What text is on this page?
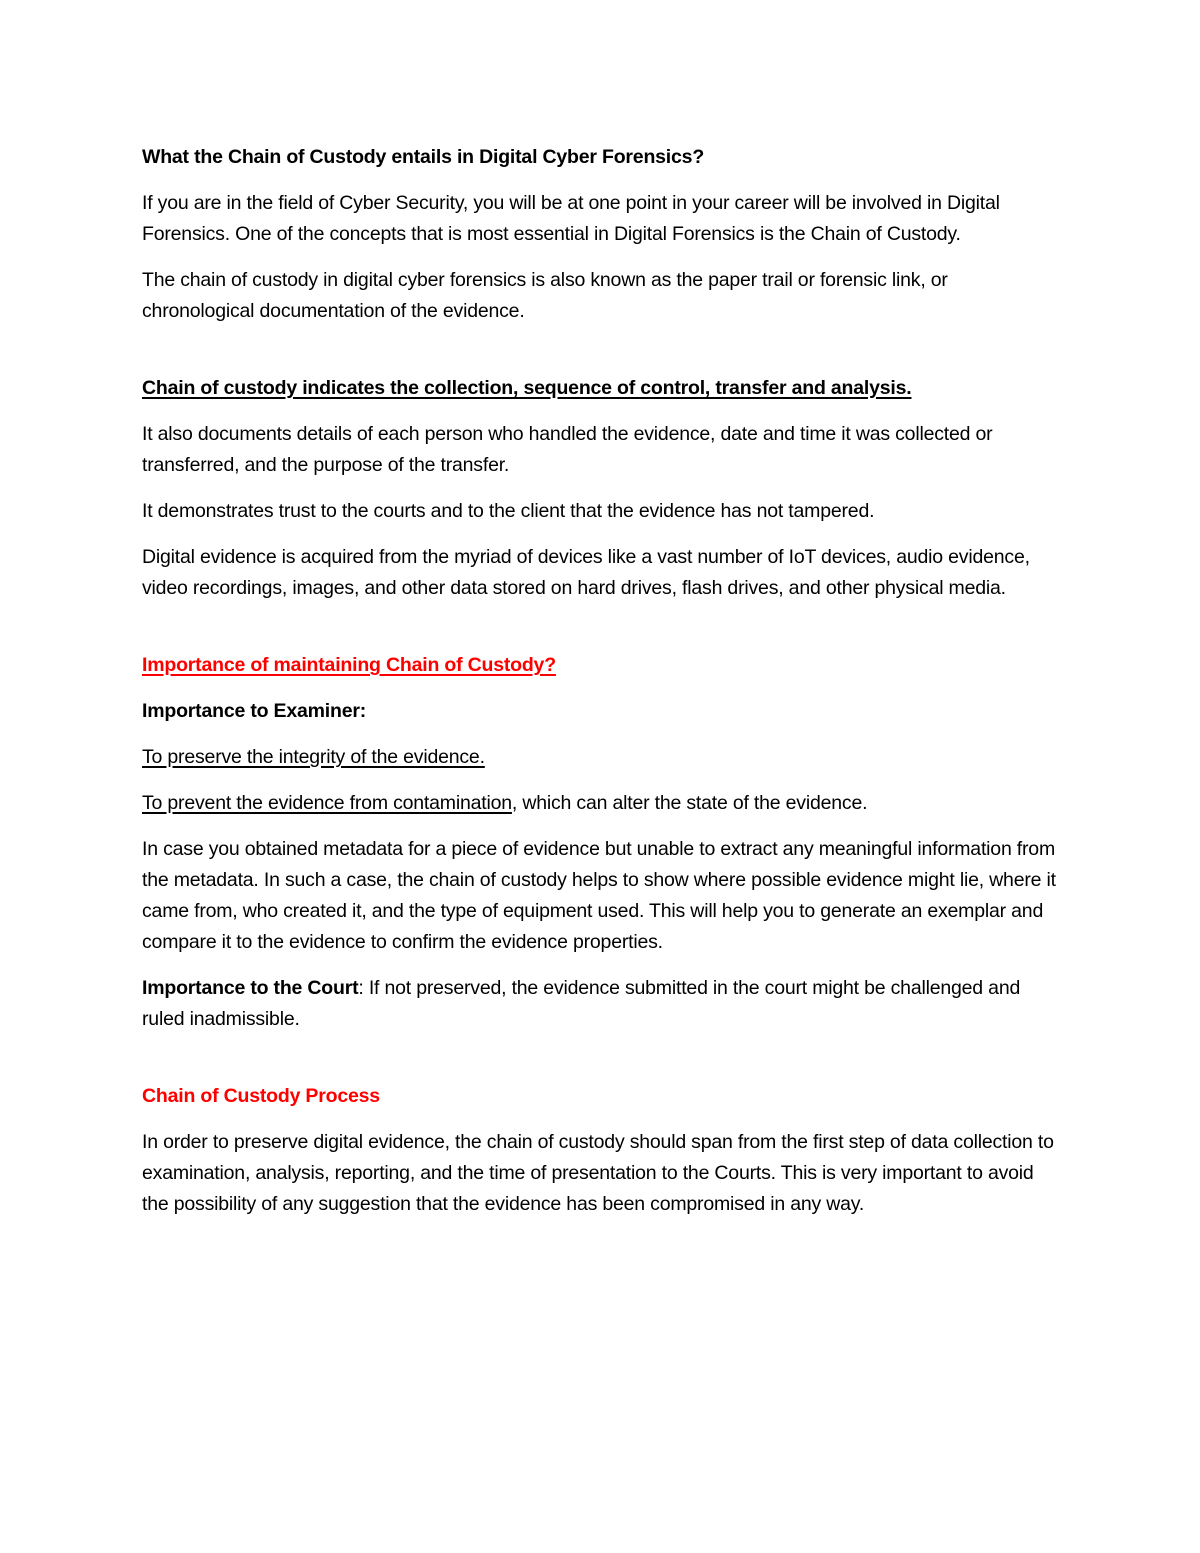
What the Chain of Custody entails in Digital Cyber Forensics?

If you are in the field of Cyber Security, you will be at one point in your career will be involved in Digital Forensics. One of the concepts that is most essential in Digital Forensics is the Chain of Custody.

The chain of custody in digital cyber forensics is also known as the paper trail or forensic link, or chronological documentation of the evidence.

Chain of custody indicates the collection, sequence of control, transfer and analysis.

It also documents details of each person who handled the evidence, date and time it was collected or transferred, and the purpose of the transfer.

It demonstrates trust to the courts and to the client that the evidence has not tampered.

Digital evidence is acquired from the myriad of devices like a vast number of IoT devices, audio evidence, video recordings, images, and other data stored on hard drives, flash drives, and other physical media.

Importance of maintaining Chain of Custody?

Importance to Examiner:

To preserve the integrity of the evidence.

To prevent the evidence from contamination, which can alter the state of the evidence.

In case you obtained metadata for a piece of evidence but unable to extract any meaningful information from the metadata. In such a case, the chain of custody helps to show where possible evidence might lie, where it came from, who created it, and the type of equipment used. This will help you to generate an exemplar and compare it to the evidence to confirm the evidence properties.

Importance to the Court: If not preserved, the evidence submitted in the court might be challenged and ruled inadmissible.

Chain of Custody Process

In order to preserve digital evidence, the chain of custody should span from the first step of data collection to examination, analysis, reporting, and the time of presentation to the Courts. This is very important to avoid the possibility of any suggestion that the evidence has been compromised in any way.
